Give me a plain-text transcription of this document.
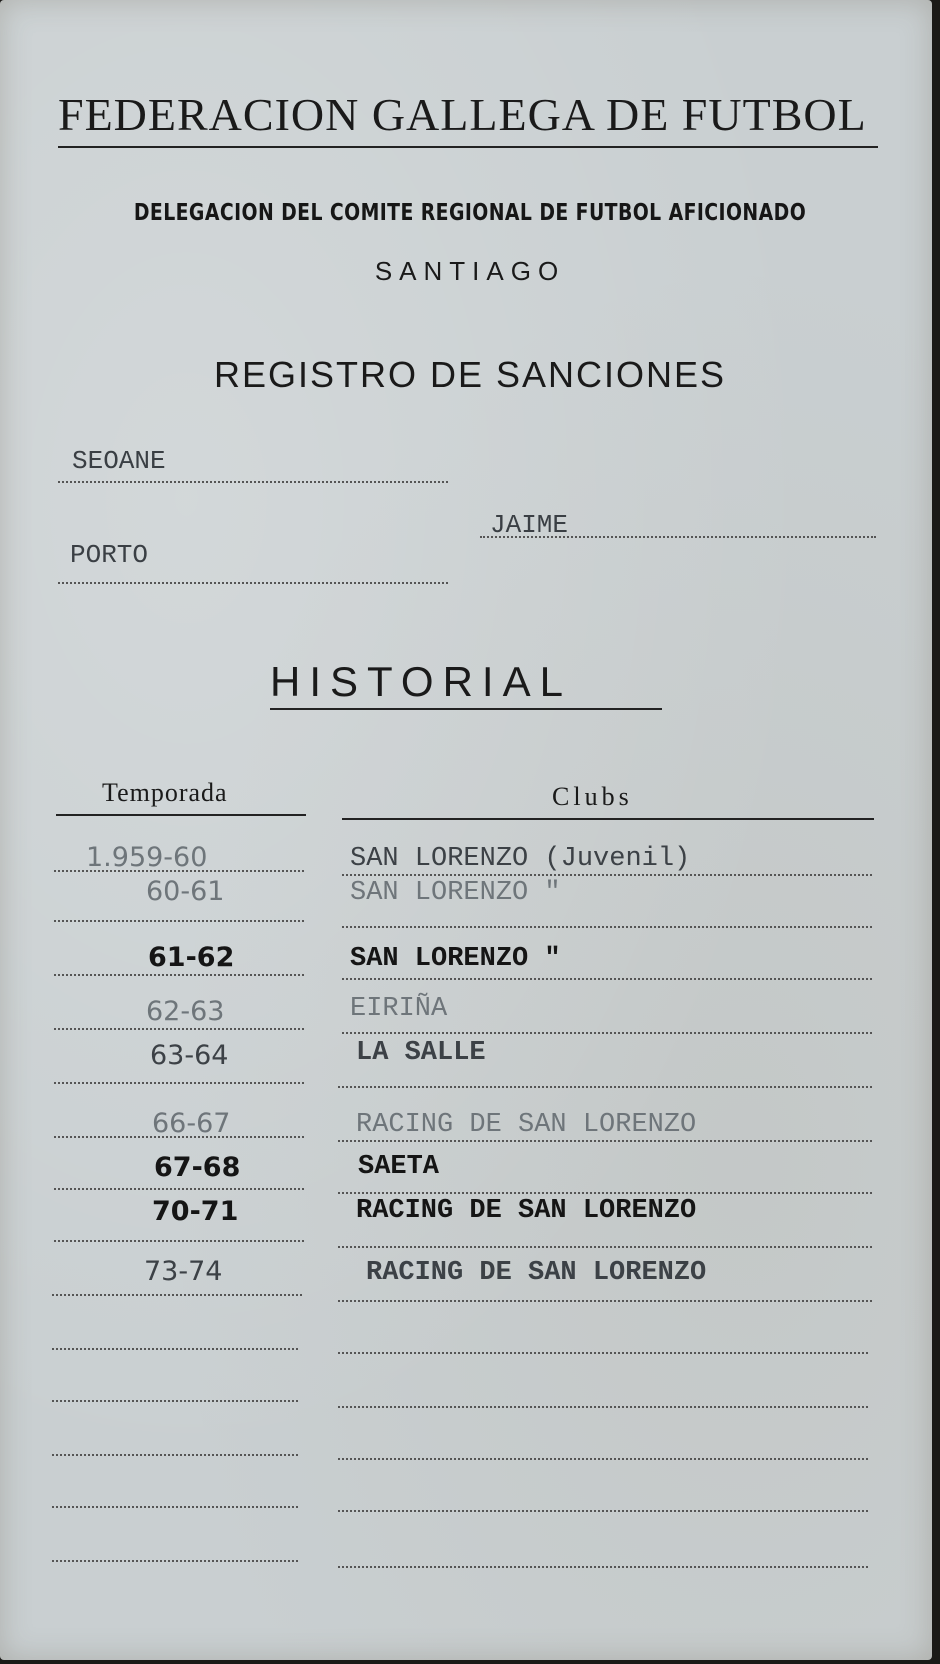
FEDERACION GALLEGA DE FUTBOL
DELEGACION DEL COMITE REGIONAL DE FUTBOL AFICIONADO
SANTIAGO
REGISTRO DE SANCIONES
SEOANE
JAIME
PORTO
HISTORIAL
Temporada	Clubs
1.959-60	SAN LORENZO (Juvenil)
60-61	SAN LORENZO "
61-62	SAN LORENZO "
62-63	EIRIÑA
63-64	LA SALLE
66-67	RACING DE SAN LORENZO
67-68	SAETA
70-71	RACING DE SAN LORENZO
73-74	RACING DE SAN LORENZO
